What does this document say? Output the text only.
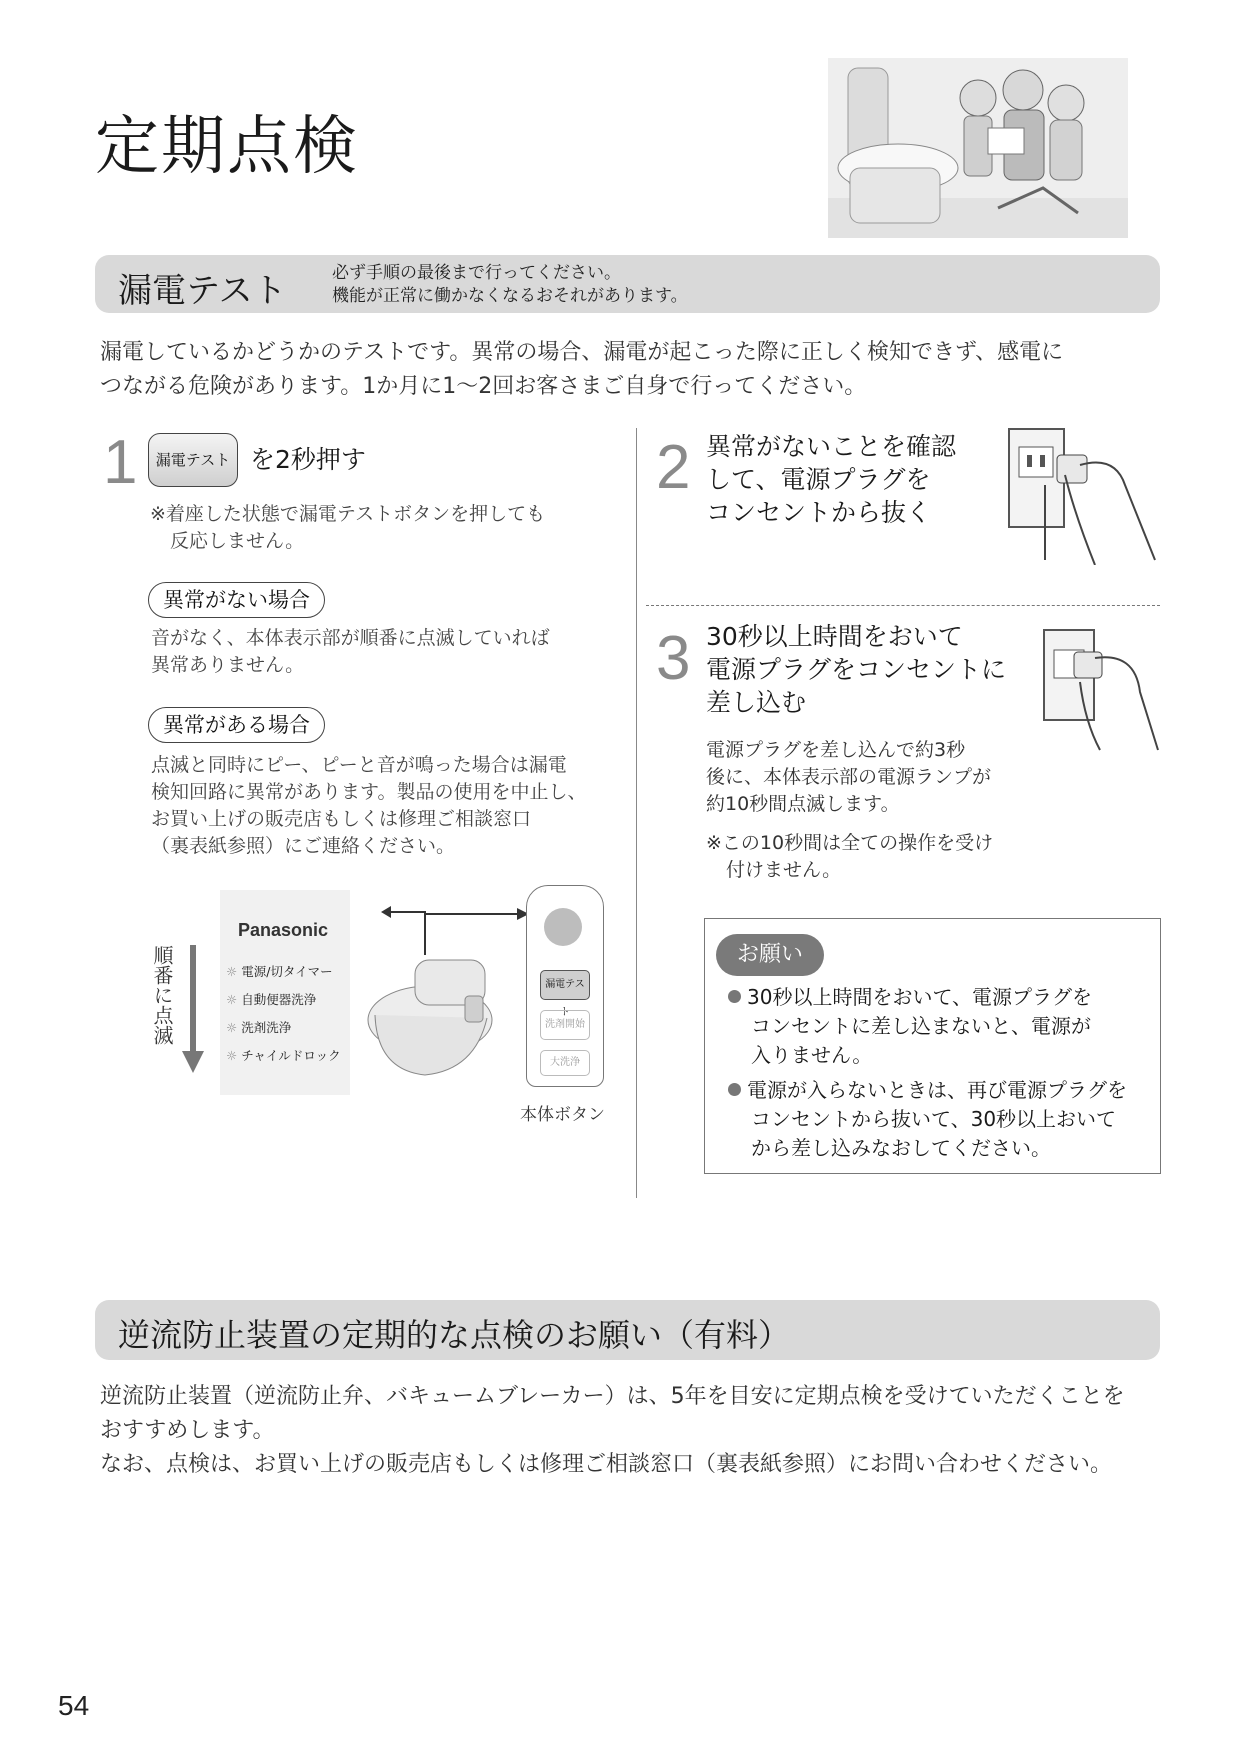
定期点検
漏電テスト	必ず手順の最後まで行ってください。
機能が正常に働かなくなるおそれがあります。
漏電しているかどうかのテストです。異常の場合、漏電が起こった際に正しく検知できず、感電に
つながる危険があります。1か月に1〜2回お客さまご自身で行ってください。
1	漏電テスト を2秒押す
※着座した状態で漏電テストボタンを押しても
反応しません。
異常がない場合
音がなく、本体表示部が順番に点滅していれば
異常ありません。
異常がある場合
点滅と同時にピー、ピーと音が鳴った場合は漏電
検知回路に異常があります。製品の使用を中止し、
お買い上げの販売店もしくは修理ご相談窓口
（裏表紙参照）にご連絡ください。
順番に点滅
Panasonic
☼ 電源/切タイマー
☼ 自動便器洗浄
☼ 洗剤洗浄
☼ チャイルドロック
漏電テスト
洗剤開始
大洗浄
本体ボタン
2 異常がないことを確認
して、電源プラグを
コンセントから抜く
3 30秒以上時間をおいて
電源プラグをコンセントに
差し込む
電源プラグを差し込んで約3秒
後に、本体表示部の電源ランプが
約10秒間点滅します。
※この10秒間は全ての操作を受け
付けません。
お願い
30秒以上時間をおいて、電源プラグを
コンセントに差し込まないと、電源が
入りません。
電源が入らないときは、再び電源プラグを
コンセントから抜いて、30秒以上おいて
から差し込みなおしてください。
逆流防止装置の定期的な点検のお願い（有料）
逆流防止装置（逆流防止弁、バキュームブレーカー）は、5年を目安に定期点検を受けていただくことを
おすすめします。
なお、点検は、お買い上げの販売店もしくは修理ご相談窓口（裏表紙参照）にお問い合わせください。
54
